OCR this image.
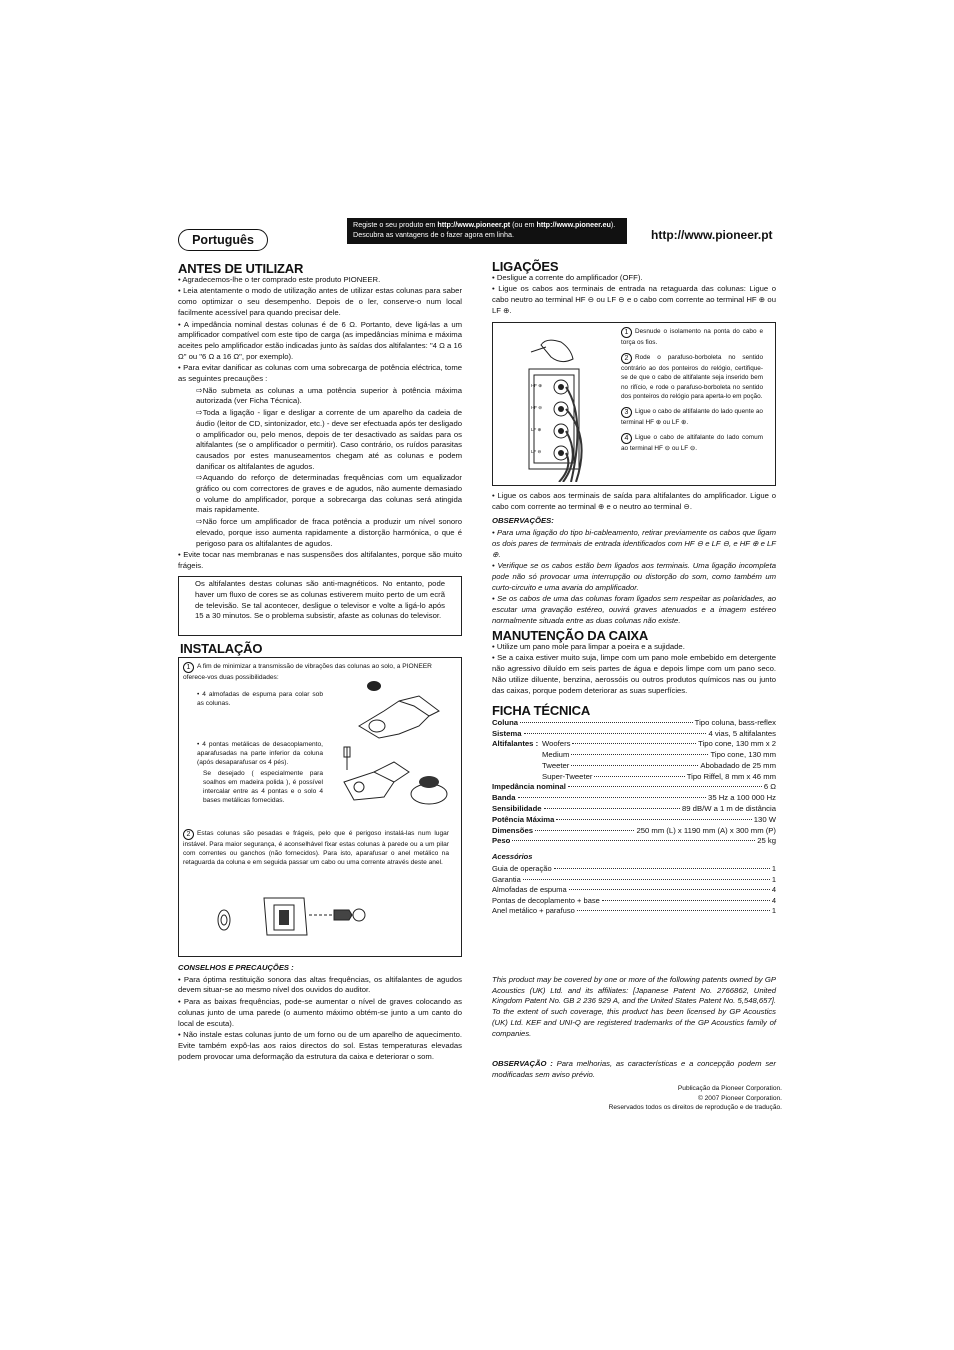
Português
Registe o seu produto em http://www.pioneer.pt (ou em http://www.pioneer.eu).
Descubra as vantagens de o fazer agora em linha.	http://www.pioneer.pt
ANTES DE UTILIZAR

• Agradecemos-lhe o ter comprado este produto PIONEER.

• Leia atentamente o modo de utilização antes de utilizar estas colunas para saber como optimizar o seu desempenho. Depois de o ler, conserve-o num local facilmente acessível para quando precisar dele.

• A impedância nominal destas colunas é de 6 Ω. Portanto, deve ligá-las a um amplificador compatível com este tipo de carga (as impedâncias mínima e máxima aceites pelo amplificador estão indicadas junto às saídas dos altifalantes: "4 Ω a 16 Ω" ou "6 Ω a 16 Ω", por exemplo).

• Para evitar danificar as colunas com uma sobrecarga de potência eléctrica, tome as seguintes precauções :

⇨Não submeta as colunas a uma potência superior à potência máxima autorizada (ver Ficha Técnica).

⇨Toda a ligação - ligar e desligar a corrente de um aparelho da cadeia de áudio (leitor de CD, sintonizador, etc.) - deve ser efectuada após ter desligado o amplificador ou, pelo menos, depois de ter desactivado as saídas para os altifalantes (se o amplificador o permitir). Caso contrário, os ruídos parasitas causados por estes manuseamentos chegam até as colunas e podem danificar os altifalantes de agudos.

⇨Aquando do reforço de determinadas frequências com um equalizador gráfico ou com correctores de graves e de agudos, não aumente demasiado o volume do amplificador, porque a sobrecarga das colunas será atingida mais rapidamente.

⇨Não force um amplificador de fraca potência a produzir um nível sonoro elevado, porque isso aumenta rapidamente a distorção harmónica, o que é perigoso para os altifalantes de agudos.

• Evite tocar nas membranas e nas suspensões dos altifalantes, porque são muito frágeis.

Os altifalantes destas colunas são anti-magnéticos. No entanto, pode haver um fluxo de cores se as colunas estiverem muito perto de um ecrã de televisão. Se tal acontecer, desligue o televisor e volte a ligá-lo após 15 a 30 minutos. Se o problema subsistir, afaste as colunas do televisor.
INSTALAÇÃO
1 A fim de minimizar a transmissão de vibrações das colunas ao solo, a PIONEER oferece-vos duas possibilidades:
• 4 almofadas de espuma para colar sob as colunas.
• 4 pontas metálicas de desacoplamento, aparafusadas na parte inferior da coluna (após desaparafusar os 4 pés).
Se desejado ( especialmente para soalhos em madeira polida ), é possível intercalar entre as 4 pontas e o solo 4 bases metálicas fornecidas.
2 Estas colunas são pesadas e frágeis, pelo que é perigoso instalá-las num lugar instável. Para maior segurança, é aconselhável fixar estas colunas à parede ou a um pilar com correntes ou ganchos (não fornecidos). Para isto, aparafusar o anel metálico na retaguarda da coluna e em seguida passar um cabo ou uma corrente através deste anel.

CONSELHOS E PRECAUÇÕES :

• Para óptima restituição sonora das altas frequências, os altifalantes de agudos devem situar-se ao mesmo nível dos ouvidos do auditor.

• Para as baixas frequências, pode-se aumentar o nível de graves colocando as colunas junto de uma parede (o aumento máximo obtém-se junto a um canto do local de escuta).

• Não instale estas colunas junto de um forno ou de um aparelho de aquecimento. Evite também expô-las aos raios directos do sol. Estas temperaturas elevadas podem provocar uma deformação da estrutura da caixa e deteriorar o som.

LIGAÇÕES

• Desligue a corrente do amplificador (OFF).

• Ligue os cabos aos terminais de entrada na retaguarda das colunas: Ligue o cabo neutro ao terminal HF ⊖ ou LF ⊖ e o cabo com corrente ao terminal HF ⊕ ou LF ⊕.

HF ⊕
HF ⊖
LF ⊕
LF ⊖
1 Desnude o isolamento na ponta do cabo e torça os fios.
2 Rode o parafuso-borboleta no sentido contrário ao dos ponteiros do relógio, certifique-se de que o cabo de altifalante seja inserido bem no rifício, e rode o parafuso-borboleta no sentido dos ponteiros do relógio para aperta-lo em poção.
3 Ligue o cabo de altifalante do lado quente ao terminal HF ⊕ ou LF ⊕.
4 Ligue o cabo de altifalante do lado comum ao terminal HF ⊖ ou LF ⊖.

• Ligue os cabos aos terminais de saída para altifalantes do amplificador. Ligue o cabo com corrente ao terminal ⊕ e o neutro ao terminal ⊖.

OBSERVAÇÕES:

• Para uma ligação do tipo bi-cableamento, retirar previamente os cabos que ligam os dois pares de terminais de entrada identificados com HF ⊖ e LF ⊖, e HF ⊕ e LF ⊕.

• Verifique se os cabos estão bem ligados aos terminais. Uma ligação incompleta pode não só provocar uma interrupção ou distorção do som, como também um curto-circuito e uma avaria do amplificador.

• Se os cabos de uma das colunas foram ligados sem respeitar as polaridades, ao escutar uma gravação estéreo, ouvirá graves atenuados e a imagem estéreo normalmente situada entre as duas colunas não existe.

MANUTENÇÃO DA CAIXA

• Utilize um pano mole para limpar a poeira e a sujidade.

• Se a caixa estiver muito suja, limpe com um pano mole embebido em detergente não agressivo diluído em seis partes de água e depois limpe com um pano seco. Não utilize diluente, benzina, aerossóis ou outros produtos químicos nas ou junto das caixas, porque podem deteriorar as suas superfícies.

FICHA TÉCNICA
Coluna	Tipo coluna, bass-reflex
Sistema	4 vias, 5 altifalantes
Altifalantes : Woofers	Tipo cone, 130 mm x 2
Medium	Tipo cone, 130 mm
Tweeter	Abobadado de 25 mm
Super-Tweeter	Tipo Riffel, 8 mm x 46 mm
Impedância nominal	6 Ω
Banda	35 Hz a 100 000 Hz
Sensibilidade	89 dB/W a 1 m de distância
Potência Máxima	130 W
Dimensões	250 mm (L) x 1190 mm (A) x 300 mm (P)
Peso	25 kg

Acessórios

Guia de operação	1
Garantia	1
Almofadas de espuma	4
Pontas de decoplamento + base	4
Anel metálico + parafuso	1
This product may be covered by one or more of the following patents owned by GP Acoustics (UK) Ltd. and its affiliates: [Japanese Patent No. 2766862, United Kingdom Patent No. GB 2 236 929 A, and the United States Patent No. 5,548,657]. To the extent of such coverage, this product has been licensed by GP Acoustics (UK) Ltd. KEF and UNI-Q are registered trademarks of the GP Acoustics family of companies.
OBSERVAÇÃO : Para melhorias, as características e a concepção podem ser modificadas sem aviso prévio.
Publicação da Pioneer Corporation.
© 2007 Pioneer Corporation.
Reservados todos os direitos de reprodução e de tradução.
